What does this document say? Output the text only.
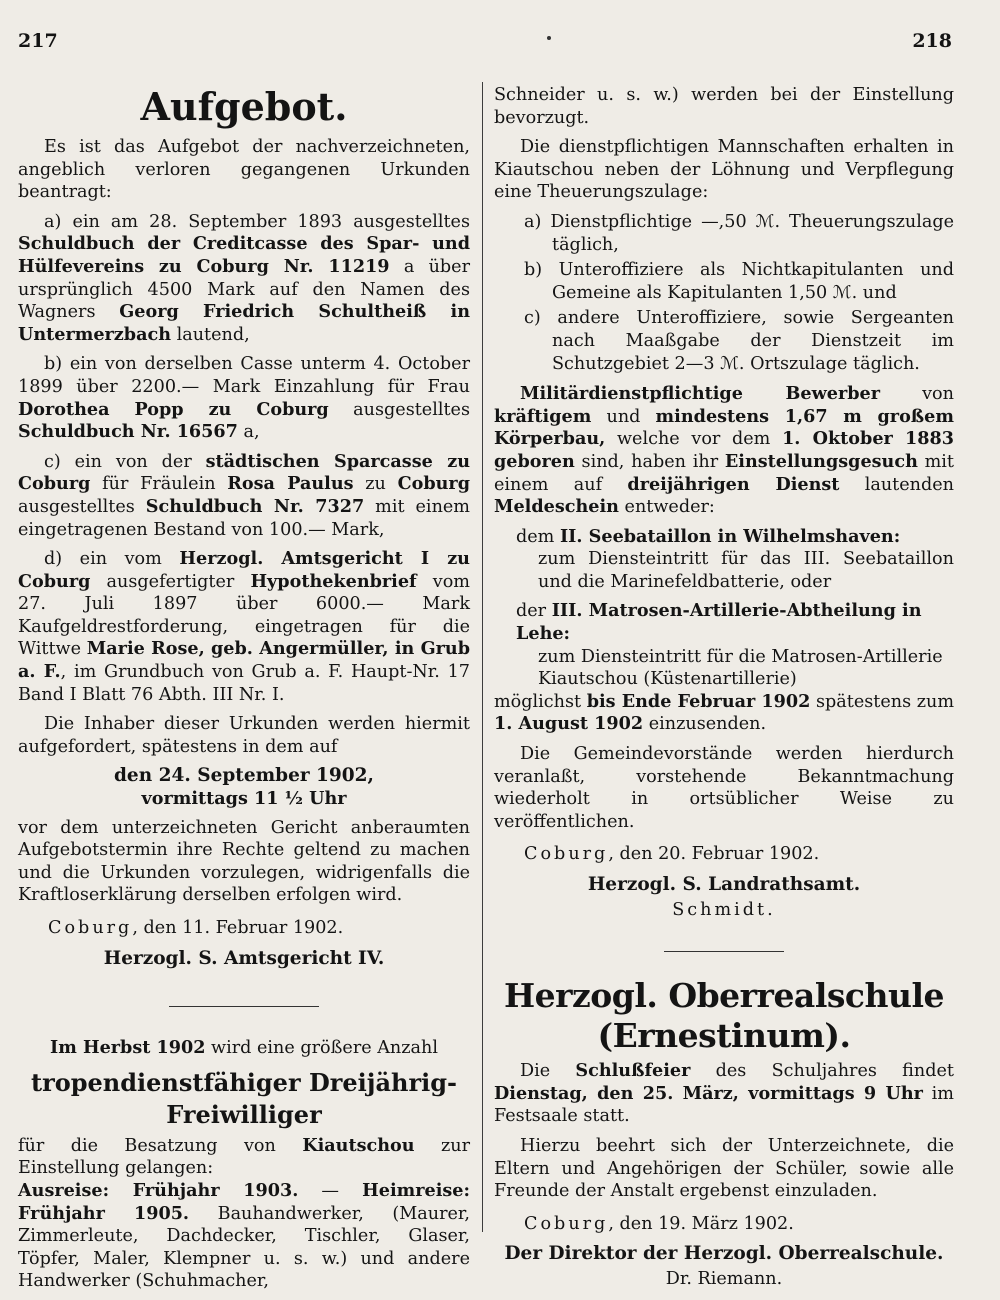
217	218
Aufgebot.
Es ist das Aufgebot der nachverzeichneten, angeblich verloren gegangenen Urkunden beantragt:
a) ein am 28. September 1893 ausgestelltes Schuldbuch der Creditcasse des Spar- und Hülfevereins zu Coburg Nr. 11219 a über ursprünglich 4500 Mark auf den Namen des Wagners Georg Friedrich Schultheiß in Untermerzbach lautend,
b) ein von derselben Casse unterm 4. October 1899 über 2200.— Mark Einzahlung für Frau Dorothea Popp zu Coburg ausgestelltes Schuldbuch Nr. 16567 a,
c) ein von der städtischen Sparcasse zu Coburg für Fräulein Rosa Paulus zu Coburg ausgestelltes Schuldbuch Nr. 7327 mit einem eingetragenen Bestand von 100.— Mark,
d) ein vom Herzogl. Amtsgericht I zu Coburg ausgefertigter Hypothekenbrief vom 27. Juli 1897 über 6000.— Mark Kaufgeldrestforderung, eingetragen für die Wittwe Marie Rose, geb. Angermüller, in Grub a. F., im Grundbuch von Grub a. F. Haupt-Nr. 17 Band I Blatt 76 Abth. III Nr. I.
Die Inhaber dieser Urkunden werden hiermit aufgefordert, spätestens in dem auf
den 24. September 1902,
vormittags 11 ½ Uhr
vor dem unterzeichneten Gericht anberaumten Aufgebotstermin ihre Rechte geltend zu machen und die Urkunden vorzulegen, widrigenfalls die Kraftloserklärung derselben erfolgen wird.
Coburg, den 11. Februar 1902.
Herzogl. S. Amtsgericht IV.
Im Herbst 1902 wird eine größere Anzahl
tropendienstfähiger Dreijährig-Freiwilliger
für die Besatzung von Kiautschou zur Einstellung gelangen:
Ausreise: Frühjahr 1903. — Heimreise: Frühjahr 1905. Bauhandwerker, (Maurer, Zimmerleute, Dachdecker, Tischler, Glaser, Töpfer, Maler, Klempner u. s. w.) und andere Handwerker (Schuhmacher,
Schneider u. s. w.) werden bei der Einstellung bevorzugt.
Die dienstpflichtigen Mannschaften erhalten in Kiautschou neben der Löhnung und Verpflegung eine Theuerungszulage:
a) Dienstpflichtige —,50 ℳ. Theuerungszulage täglich,
b) Unteroffiziere als Nichtkapitulanten und Gemeine als Kapitulanten 1,50 ℳ. und
c) andere Unteroffiziere, sowie Sergeanten nach Maaßgabe der Dienstzeit im Schutzgebiet 2—3 ℳ. Ortszulage täglich.
Militärdienstpflichtige Bewerber von kräftigem und mindestens 1,67 m großem Körperbau, welche vor dem 1. Oktober 1883 geboren sind, haben ihr Einstellungsgesuch mit einem auf dreijährigen Dienst lautenden Meldeschein entweder:
dem II. Seebataillon in Wilhelmshaven:
zum Diensteintritt für das III. Seebataillon und die Marinefeldbatterie, oder
der III. Matrosen-Artillerie-Abtheilung in Lehe:
zum Diensteintritt für die Matrosen-Artillerie Kiautschou (Küstenartillerie)
möglichst bis Ende Februar 1902 spätestens zum 1. August 1902 einzusenden.
Die Gemeindevorstände werden hierdurch veranlaßt, vorstehende Bekanntmachung wiederholt in ortsüblicher Weise zu veröffentlichen.
Coburg, den 20. Februar 1902.
Herzogl. S. Landrathsamt.
Schmidt.
Herzogl. Oberrealschule (Ernestinum).
Die Schlußfeier des Schuljahres findet Dienstag, den 25. März, vormittags 9 Uhr im Festsaale statt.
Hierzu beehrt sich der Unterzeichnete, die Eltern und Angehörigen der Schüler, sowie alle Freunde der Anstalt ergebenst einzuladen.
Coburg, den 19. März 1902.
Der Direktor der Herzogl. Oberrealschule.
Dr. Riemann.
